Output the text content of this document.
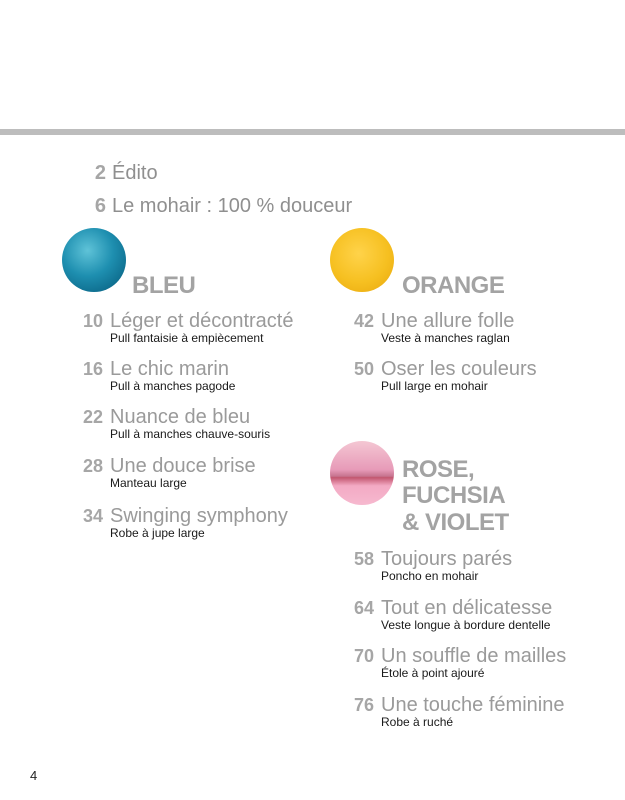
2 Édito
6 Le mohair : 100 % douceur
BLEU
10 Léger et décontracté
Pull fantaisie à empiècement
16 Le chic marin
Pull à manches pagode
22 Nuance de bleu
Pull à manches chauve-souris
28 Une douce brise
Manteau large
34 Swinging symphony
Robe à jupe large
ORANGE
42 Une allure folle
Veste à manches raglan
50 Oser les couleurs
Pull large en mohair
ROSE,
FUCHSIA
& VIOLET
58 Toujours parés
Poncho en mohair
64 Tout en délicatesse
Veste longue à bordure dentelle
70 Un souffle de mailles
Étole à point ajouré
76 Une touche féminine
Robe à ruché
4
